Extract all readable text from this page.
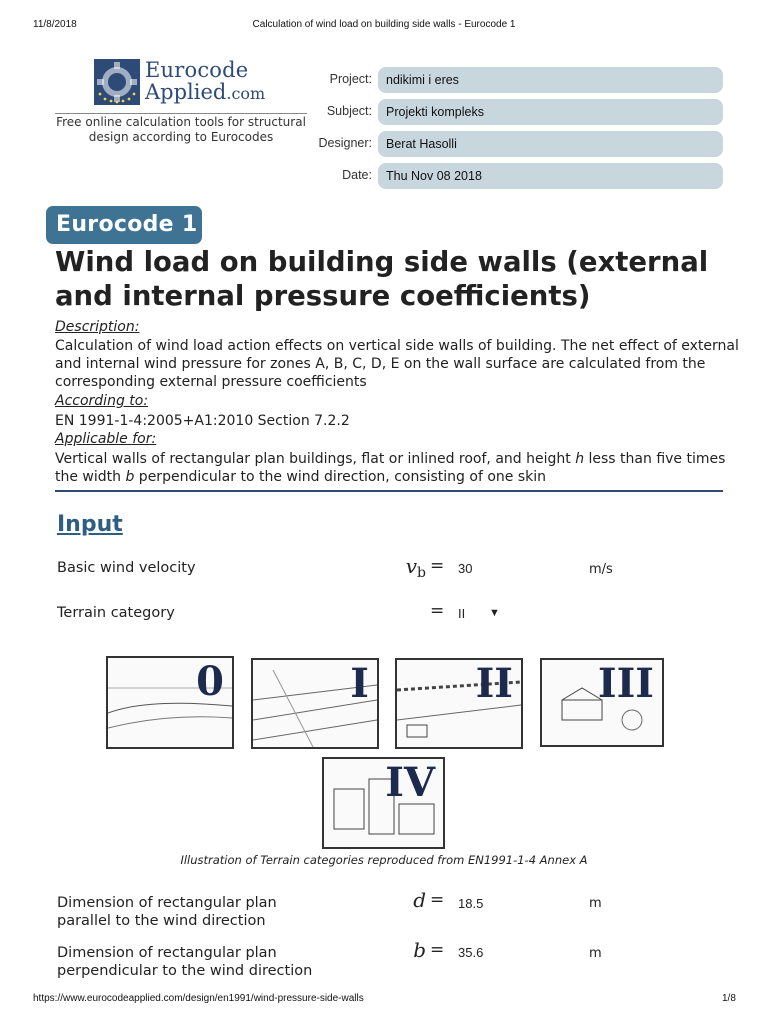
11/8/2018	Calculation of wind load on building side walls - Eurocode 1
Eurocode
Applied.com
Free online calculation tools for structural design according to Eurocodes
Project:	ndikimi i eres
Subject:	Projekti kompleks
Designer:	Berat Hasolli
Date:	Thu Nov 08 2018
Eurocode 1
Wind load on building side walls (external and internal pressure coefficients)
Description:
Calculation of wind load action effects on vertical side walls of building. The net effect of external and internal wind pressure for zones A, B, C, D, E on the wall surface are calculated from the corresponding external pressure coefficients
According to:
EN 1991-1-4:2005+A1:2010 Section 7.2.2
Applicable for:
Vertical walls of rectangular plan buildings, flat or inlined roof, and height h less than five times the width b perpendicular to the wind direction, consisting of one skin
Input
Basic wind velocity	$v_b = 30$	m/s
Terrain category	= II ▼
0	I	II III
IV
Illustration of Terrain categories reproduced from EN1991-1-4 Annex A
Dimension of rectangular plan
parallel to the wind direction
d = 18.5	m
Dimension of rectangular plan
perpendicular to the wind direction
b = 35.6	m
https://www.eurocodeapplied.com/design/en1991/wind-pressure-side-walls	1/8
